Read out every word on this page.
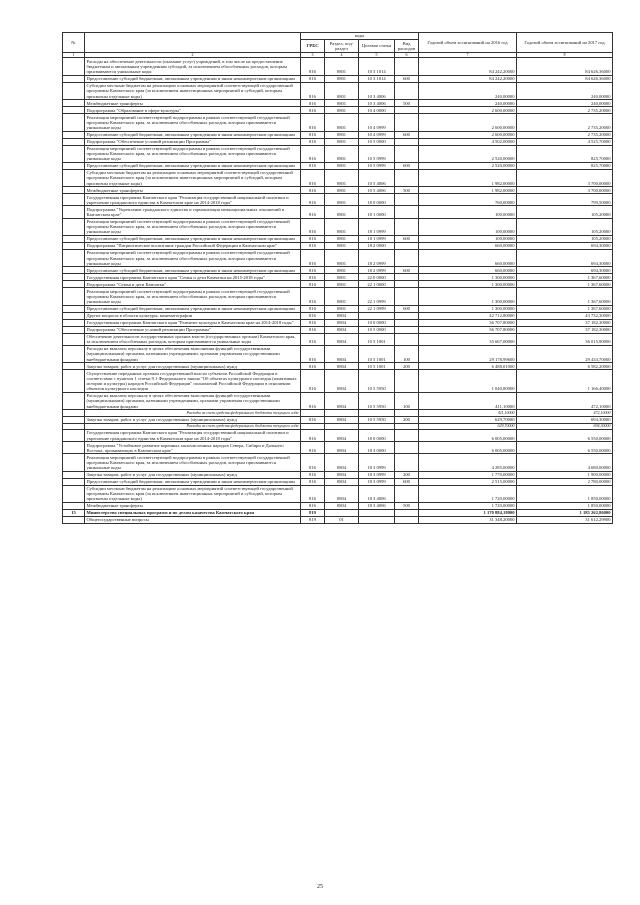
№		коды				Годовой объем ассигнований на 2016 год	Годовой объем ассигнований на 2017 год
		ГРБС	Раздел, под-раздел	Целевая статья	Вид расходов		
1	2	3	4	5	6	7	8
	Расходы на обеспечение деятельности (оказание услуг) учреждений, в том числе на предоставление бюджетным и автономным учреждениям субсидий, за исключением обособленных расходов, которым присваиваются уникальные коды	816	0801	10 3 1014		84 242,20000	84 626,36000
	Предоставление субсидий бюджетным, автономным учреждениям и иным некоммерческим организациям	816	0801	10 3 1014	600	84 242,20000	84 626,36000
	Субсидии местным бюджетам на реализацию основных мероприятий соответствующей государственной программы Камчатского края (за исключением инвестиционных мероприятий и субсидий, которым присвоены отдельные коды)	816	0801	10 3 4006		240,00000	240,00000
	Межбюджетные трансферты	816	0801	10 3 4006	500	240,00000	240,00000
	Подпрограмма "Образование в сфере культуры"	816	0801	10 4 0000		2 600,00000	2 735,20000
	Реализация мероприятий соответствующей подпрограммы в рамках соответствующей государственной программы Камчатского края, за исключением обособленных расходов, которым присваиваются уникальные коды	816	0801	10 4 0999		2 600,00000	2 735,20000
	Предоставление субсидий бюджетным, автономным учреждениям и иным некоммерческим организациям	816	0801	10 4 0999	600	2 600,00000	2 735,20000
	Подпрограмма "Обеспечение условий реализации Программы"	816	0801	10 5 0000		4 502,00000	4 525,70000
	Реализация мероприятий соответствующей подпрограммы в рамках соответствующей государственной программы Камчатского края, за исключением обособленных расходов, которым присваиваются уникальные коды	816	0801	10 5 0999		2 520,00000	825,70000
	Предоставление субсидий бюджетным, автономным учреждениям и иным некоммерческим организациям	816	0801	10 5 0999	600	2 520,00000	825,70000
	Субсидии местным бюджетам на реализацию основных мероприятий соответствующей государственной программы Камчатского края (за исключением инвестиционных мероприятий и субсидий, которым присвоены отдельные коды)	816	0801	10 5 4006		1 982,00000	3 700,00000
	Межбюджетные трансферты	816	0801	10 5 4006	500	1 982,00000	3 700,00000
	Государственная программа Камчатского края "Реализация государственной национальной политики и укрепление гражданского единства в Камчатском крае на 2014-2018 годы"	816	0801	18 0 0000		760,00000	799,50000
	Подпрограмма "Укрепление гражданского единства и гармонизация межнациональных отношений в Камчатском крае"	816	0801	18 1 0000		100,00000	105,20000
	Реализация мероприятий соответствующей подпрограммы в рамках соответствующей государственной программы Камчатского края, за исключением обособленных расходов, которым присваиваются уникальные коды	816	0801	18 1 0999		100,00000	105,20000
	Предоставление субсидий бюджетным, автономным учреждениям и иным некоммерческим организациям	816	0801	18 1 0999	600	100,00000	105,20000
	Подпрограмма "Патриотическое воспитание граждан Российской Федерации в Камчатском крае"	816	0801	18 2 0000		660,00000	694,30000
	Реализация мероприятий соответствующей подпрограммы в рамках соответствующей государственной программы Камчатского края, за исключением обособленных расходов, которым присваиваются уникальные коды	816	0801	18 2 0999		660,00000	694,30000
	Предоставление субсидий бюджетным, автономным учреждениям и иным некоммерческим организациям	816	0801	18 2 0999	600	660,00000	694,30000
	Государственная программа Камчатского края "Семья и дети Камчатки на 2015-2018 годы"	816	0801	22 0 0000		1 300,00000	1 367,60000
	Подпрограмма "Семья и дети Камчатки"	816	0801	22 1 0000		1 300,00000	1 367,60000
	Реализация мероприятий соответствующей подпрограммы в рамках соответствующей государственной программы Камчатского края, за исключением обособленных расходов, которым присваиваются уникальные коды	816	0801	22 1 0999		1 300,00000	1 367,60000
	Предоставление субсидий бюджетным, автономным учреждениям и иным некоммерческим организациям	816	0801	22 1 0999	600	1 300,00000	1 367,60000
	Другие вопросы в области культуры, кинематографии	816	0804			42 712,80000	43 732,30000
	Государственная программа Камчатского края "Развитие культуры в Камчатском крае на 2014-2018 годы"	816	0804	10 0 0000		36 707,80000	37 182,30000
	Подпрограмма "Обеспечение условий реализации Программы"	816	0804	10 5 0000		36 707,80000	37 182,30000
	Обеспечение деятельности государственных органов власти (государственных органов) Камчатского края, за исключением обособленных расходов, которым присваиваются уникальные коды	816	0804	10 5 1001		35 667,00000	36 015,90000
	Расходы на выплаты персоналу в целях обеспечения выполнения функций государственными (муниципальными) органами, казенными учреждениями, органами управления государственными внебюджетными фондами	816	0804	10 5 1001	100	29 178,99600	29 433,70000
	Закупка товаров, работ и услуг для государственных (муниципальных) нужд	816	0804	10 5 1001	200	6 488,01000	6 582,20000
	Осуществление переданных органам государственной власти субъектов Российской Федерации в соответствии с пунктом 1 статьи 9.1 Федерального закона "Об объектах культурного наследия (памятниках истории и культуры) народов Российской Федерации" полномочий Российской Федерации в отношении объектов культурного наследия	816	0804	10 5 5950		1 040,80000	1 166,40000
	Расходы на выплаты персоналу в целях обеспечения выполнения функций государственными (муниципальными) органами, казенными учреждениями, органами управления государственными внебюджетными фондами	816	0804	10 5 5950	100	411,10000	472,10000
	Расходы за счет средств федерального бюджета текущего года					411,10000	472,10000
	Закупка товаров, работ и услуг для государственных (муниципальных) нужд	816	0804	10 5 5950	200	629,70000	694,30000
	Расходы за счет средств федерального бюджета текущего года					629,70000	694,30000
	Государственная программа Камчатского края "Реализация государственной национальной политики и укрепление гражданского единства в Камчатском крае на 2014-2018 годы"	816	0804	18 0 0000		6 005,00000	6 550,00000
	Подпрограмма "Устойчивое развитие коренных малочисленных народов Севера, Сибири и Дальнего Востока, проживающих в Камчатском крае"	816	0804	18 3 0000		6 005,00000	6 550,00000
	Реализация мероприятий соответствующей подпрограммы в рамках соответствующей государственной программы Камчатского края, за исключением обособленных расходов, которым присваиваются уникальные коды	816	0804	18 3 0999		4 285,00000	4 680,00000
	Закупка товаров, работ и услуг для государственных (муниципальных) нужд	816	0804	18 3 0999	200	1 770,00000	1 900,00000
	Предоставление субсидий бюджетным, автономным учреждениям и иным некоммерческим организациям	816	0804	18 3 0999	600	2 515,00000	2 780,00000
	Субсидии местным бюджетам на реализацию основных мероприятий соответствующей государственной программы Камчатского края (за исключением инвестиционных мероприятий и субсидий, которым присвоены отдельные коды)	816	0804	18 3 4006		1 720,00000	1 850,00000
	Межбюджетные трансферты	816	0804	18 3 4006	500	1 720,00000	1 850,00000
15	Министерство специальных программ и по делам казачества Камчатского края	819				1 170 884,18000	1 185 262,86000
	Общегосударственные вопросы	819	01			31 348,20000	31 612,29900
25
